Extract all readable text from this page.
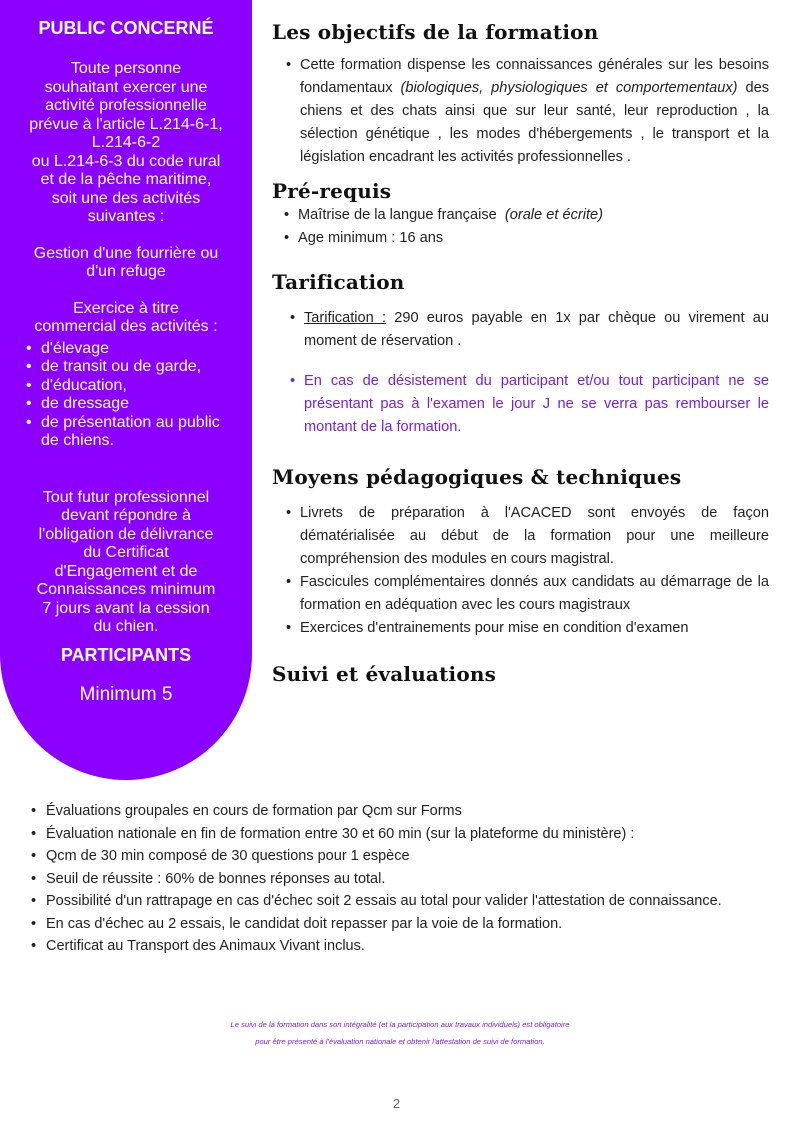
PUBLIC CONCERNÉ

Toute personne

souhaitant exercer une

activité professionnelle

prévue à l'article L.214-6-1,

L.214-6-2

ou L.214-6-3 du code rural

et de la pêche maritime,

soit une des activités

suivantes :

Gestion d'une fourrière ou

d'un refuge

Exercice à titre

commercial des activités :

• d'élevage
• de transit ou de garde,
• d'éducation,
• de dressage
• de présentation au public de chiens.

Tout futur professionnel

devant répondre à

l'obligation de délivrance

du Certificat

d'Engagement et de

Connaissances minimum

7 jours avant la cession

du chien.

PARTICIPANTS

Minimum 5

Les objectifs de la formation
• Cette formation dispense les connaissances générales sur les besoins fondamentaux (biologiques, physiologiques et comportementaux) des chiens et des chats ainsi que sur leur santé, leur reproduction , la sélection génétique , les modes d'hébergements , le transport et la législation encadrant les activités professionnelles .
Pré-requis
• Maîtrise de la langue française (orale et écrite)
• Age minimum : 16 ans
Tarification
• Tarification : 290 euros payable en 1x par chèque ou virement au moment de réservation .
• En cas de désistement du participant et/ou tout participant ne se présentant pas à l'examen le jour J ne se verra pas rembourser le montant de la formation.
Moyens pédagogiques & techniques
• Livrets de préparation à l'ACACED sont envoyés de façon dématérialisée au début de la formation pour une meilleure compréhension des modules en cours magistral.
• Fascicules complémentaires donnés aux candidats au démarrage de la formation en adéquation avec les cours magistraux
• Exercices d'entrainements pour mise en condition d'examen
Suivi et évaluations
• Évaluations groupales en cours de formation par Qcm sur Forms
• Évaluation nationale en fin de formation entre 30 et 60 min (sur la plateforme du ministère) :
• Qcm de 30 min composé de 30 questions pour 1 espèce
• Seuil de réussite : 60% de bonnes réponses au total.
• Possibilité d'un rattrapage en cas d'échec soit 2 essais au total pour valider l'attestation de connaissance.
• En cas d'échec au 2 essais, le candidat doit repasser par la voie de la formation.
• Certificat au Transport des Animaux Vivant inclus.
Le suivi de la formation dans son intégralité (et la participation aux travaux individuels) est obligatoire
pour être présenté à l'évaluation nationale et obtenir l'attestation de suivi de formation.
2
